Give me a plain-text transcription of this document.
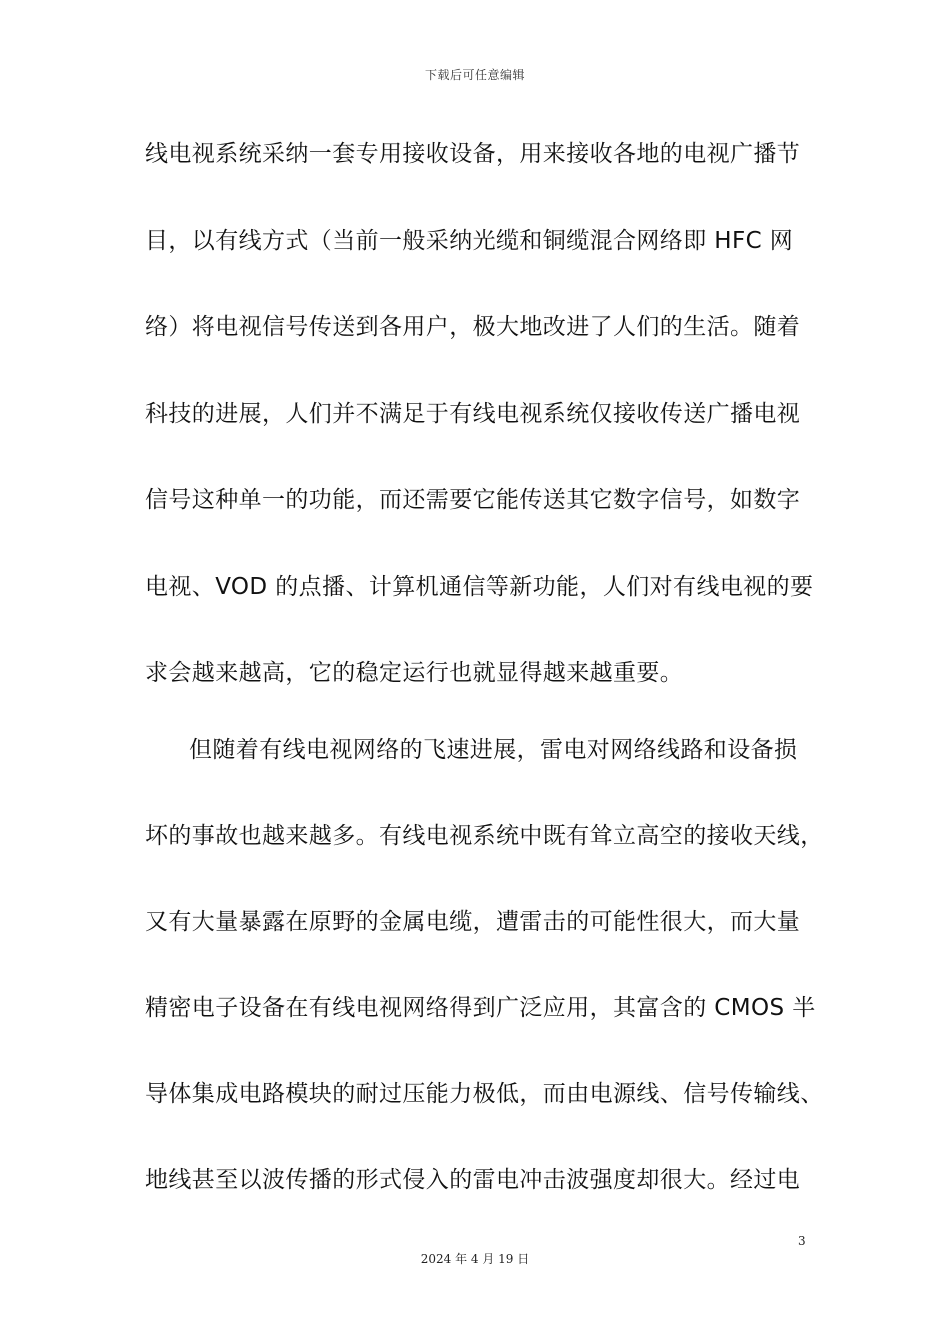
下载后可任意编辑
线电视系统采纳一套专用接收设备，用来接收各地的电视广播节
目，以有线方式（当前一般采纳光缆和铜缆混合网络即 HFC 网
络）将电视信号传送到各用户，极大地改进了人们的生活。随着
科技的进展，人们并不满足于有线电视系统仅接收传送广播电视
信号这种单一的功能，而还需要它能传送其它数字信号，如数字
电视、VOD 的点播、计算机通信等新功能，人们对有线电视的要
求会越来越高，它的稳定运行也就显得越来越重要。
但随着有线电视网络的飞速进展，雷电对网络线路和设备损
坏的事故也越来越多。有线电视系统中既有耸立高空的接收天线，
又有大量暴露在原野的金属电缆，遭雷击的可能性很大，而大量
精密电子设备在有线电视网络得到广泛应用，其富含的 CMOS 半
导体集成电路模块的耐过压能力极低，而由电源线、信号传输线、
地线甚至以波传播的形式侵入的雷电冲击波强度却很大。经过电
3
2024 年 4 月 19 日
